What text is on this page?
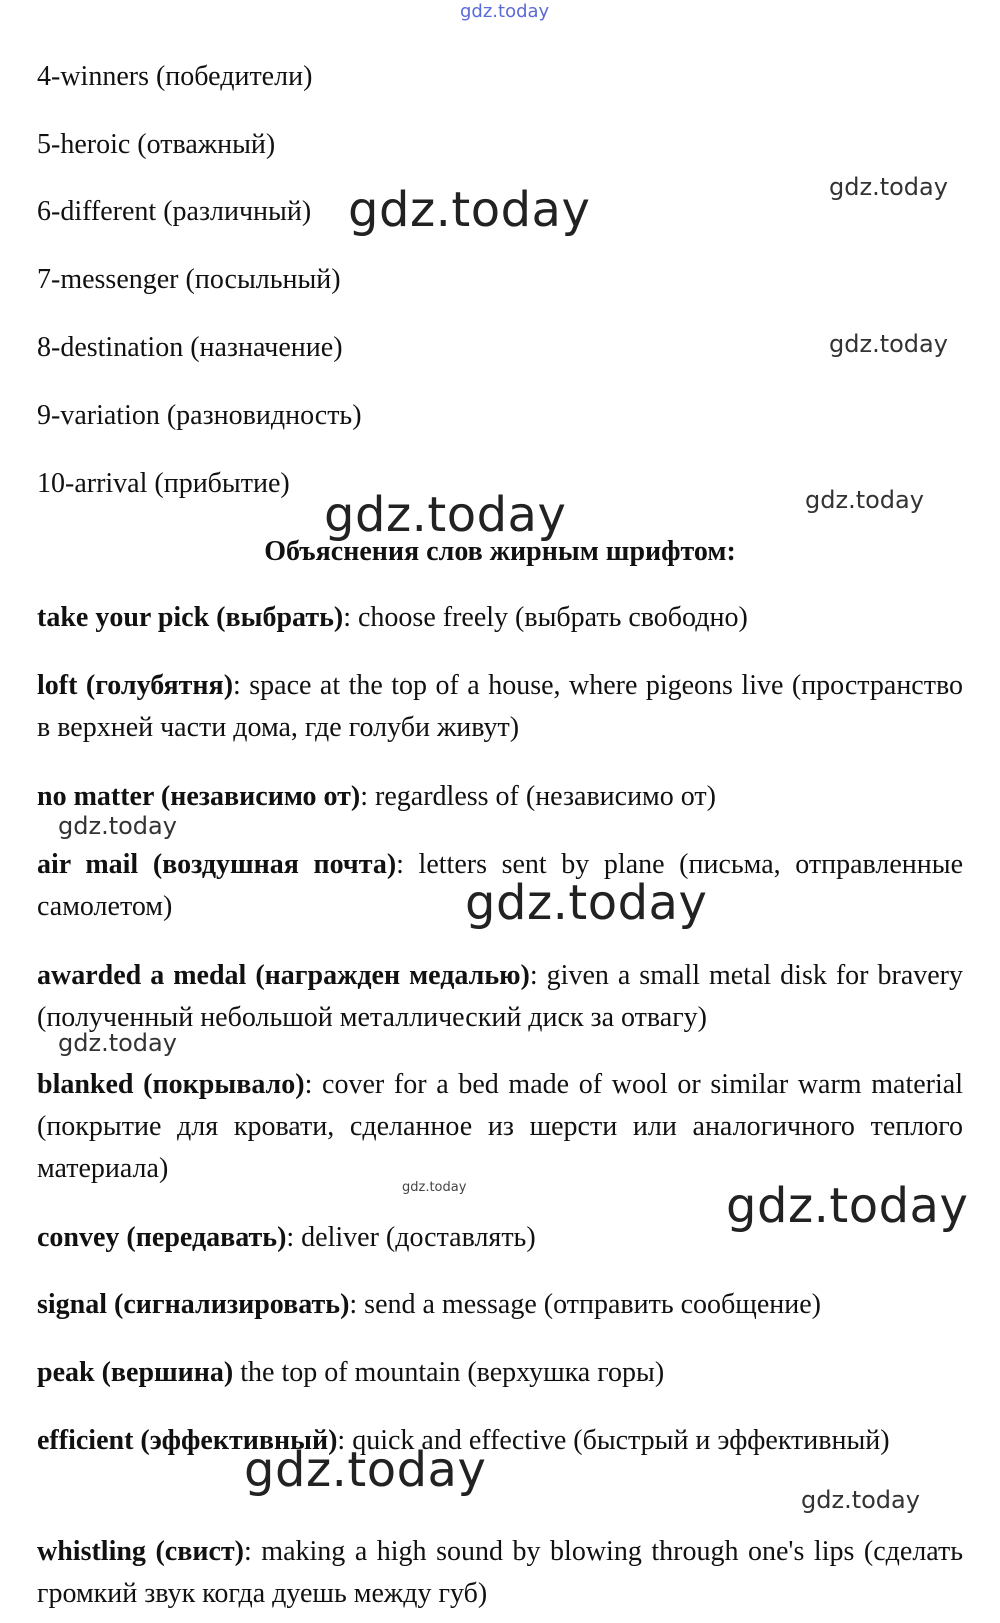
gdz.today
4-winners (победители)
5-heroic (отважный)
6-different (различный)
7-messenger (посыльный)
8-destination (назначение)
9-variation (разновидность)
10-arrival (прибытие)
Объяснения слов жирным шрифтом:
take your pick (выбрать): choose freely (выбрать свободно)
loft (голубятня): space at the top of a house, where pigeons live (пространство в верхней части дома, где голуби живут)
no matter (независимо от): regardless of (независимо от)
air mail (воздушная почта): letters sent by plane (письма, отправленные самолетом)
awarded a medal (награжден медалью): given a small metal disk for bravery (полученный небольшой металлический диск за отвагу)
blanked (покрывало): cover for a bed made of wool or similar warm material (покрытие для кровати, сделанное из шерсти или аналогичного теплого материала)
convey (передавать): deliver (доставлять)
signal (сигнализировать): send a message (отправить сообщение)
peak (вершина) the top of mountain (верхушка горы)
efficient (эффективный): quick and effective (быстрый и эффективный)
whistling (свист): making a high sound by blowing through one's lips (сделать громкий звук когда дуешь между губ)
gdz.today	gdz.today
gdz.today
gdz.today	gdz.today
gdz.today
gdz.today
gdz.today
gdz.today	gdz.today
gdz.today
gdz.today
